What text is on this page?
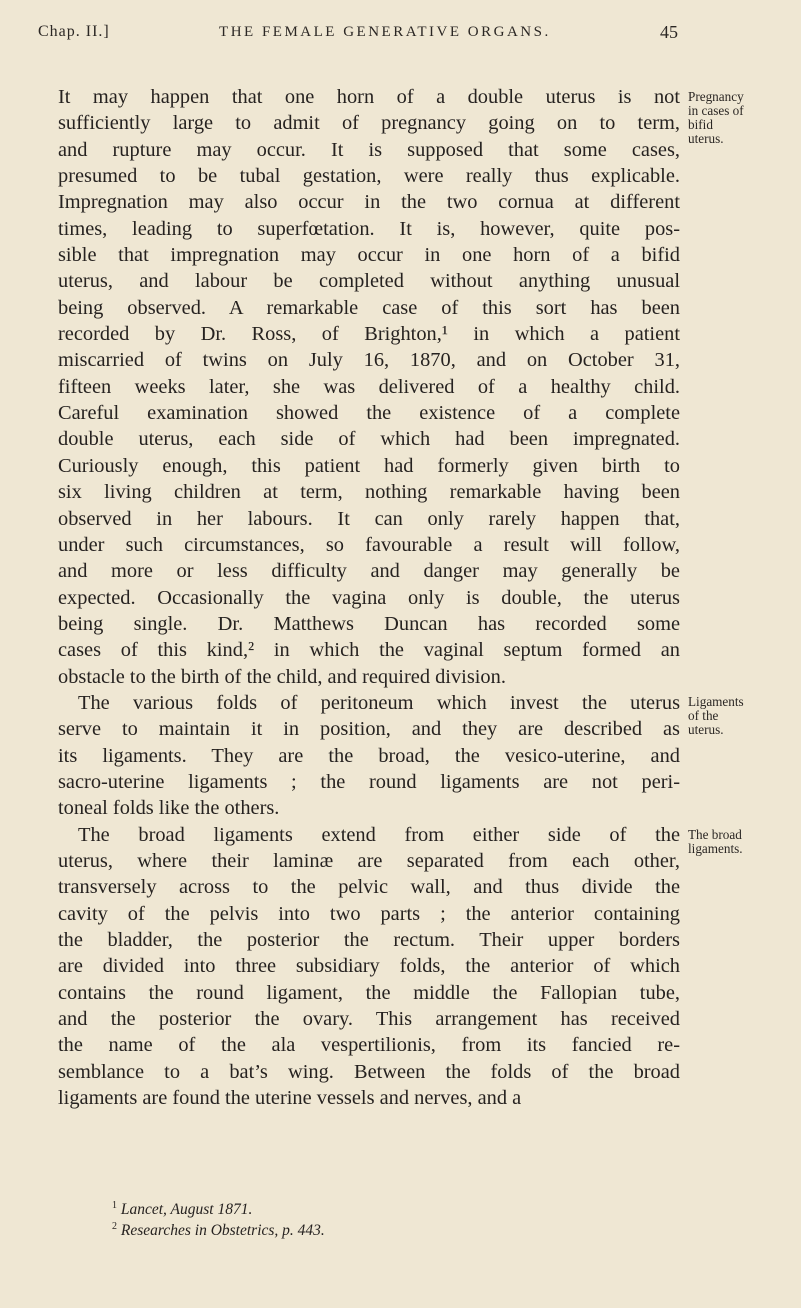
Chap. II.]	THE FEMALE GENERATIVE ORGANS.	45
It may happen that one horn of a double uterus is not
sufficiently large to admit of pregnancy going on to term,
and rupture may occur. It is supposed that some cases,
presumed to be tubal gestation, were really thus explicable.
Impregnation may also occur in the two cornua at different
times, leading to superfœtation. It is, however, quite pos-
sible that impregnation may occur in one horn of a bifid
uterus, and labour be completed without anything unusual
being observed. A remarkable case of this sort has been
recorded by Dr. Ross, of Brighton,¹ in which a patient
miscarried of twins on July 16, 1870, and on October 31,
fifteen weeks later, she was delivered of a healthy child.
Careful examination showed the existence of a complete
double uterus, each side of which had been impregnated.
Curiously enough, this patient had formerly given birth to
six living children at term, nothing remarkable having been
observed in her labours. It can only rarely happen that,
under such circumstances, so favourable a result will follow,
and more or less difficulty and danger may generally be
expected. Occasionally the vagina only is double, the uterus
being single. Dr. Matthews Duncan has recorded some
cases of this kind,² in which the vaginal septum formed an
obstacle to the birth of the child, and required division.
The various folds of peritoneum which invest the uterus
serve to maintain it in position, and they are described as
its ligaments. They are the broad, the vesico-uterine, and
sacro-uterine ligaments ; the round ligaments are not peri-
toneal folds like the others.
The broad ligaments extend from either side of the
uterus, where their laminæ are separated from each other,
transversely across to the pelvic wall, and thus divide the
cavity of the pelvis into two parts ; the anterior containing
the bladder, the posterior the rectum. Their upper borders
are divided into three subsidiary folds, the anterior of which
contains the round ligament, the middle the Fallopian tube,
and the posterior the ovary. This arrangement has received
the name of the ala vespertilionis, from its fancied re-
semblance to a bat’s wing. Between the folds of the broad
ligaments are found the uterine vessels and nerves, and a
Pregnancy
in cases of
bifid
uterus.
Ligaments
of the
uterus.
The broad
ligaments.
$^1$ Lancet, August 1871.
$^2$ Researches in Obstetrics, p. 443.
